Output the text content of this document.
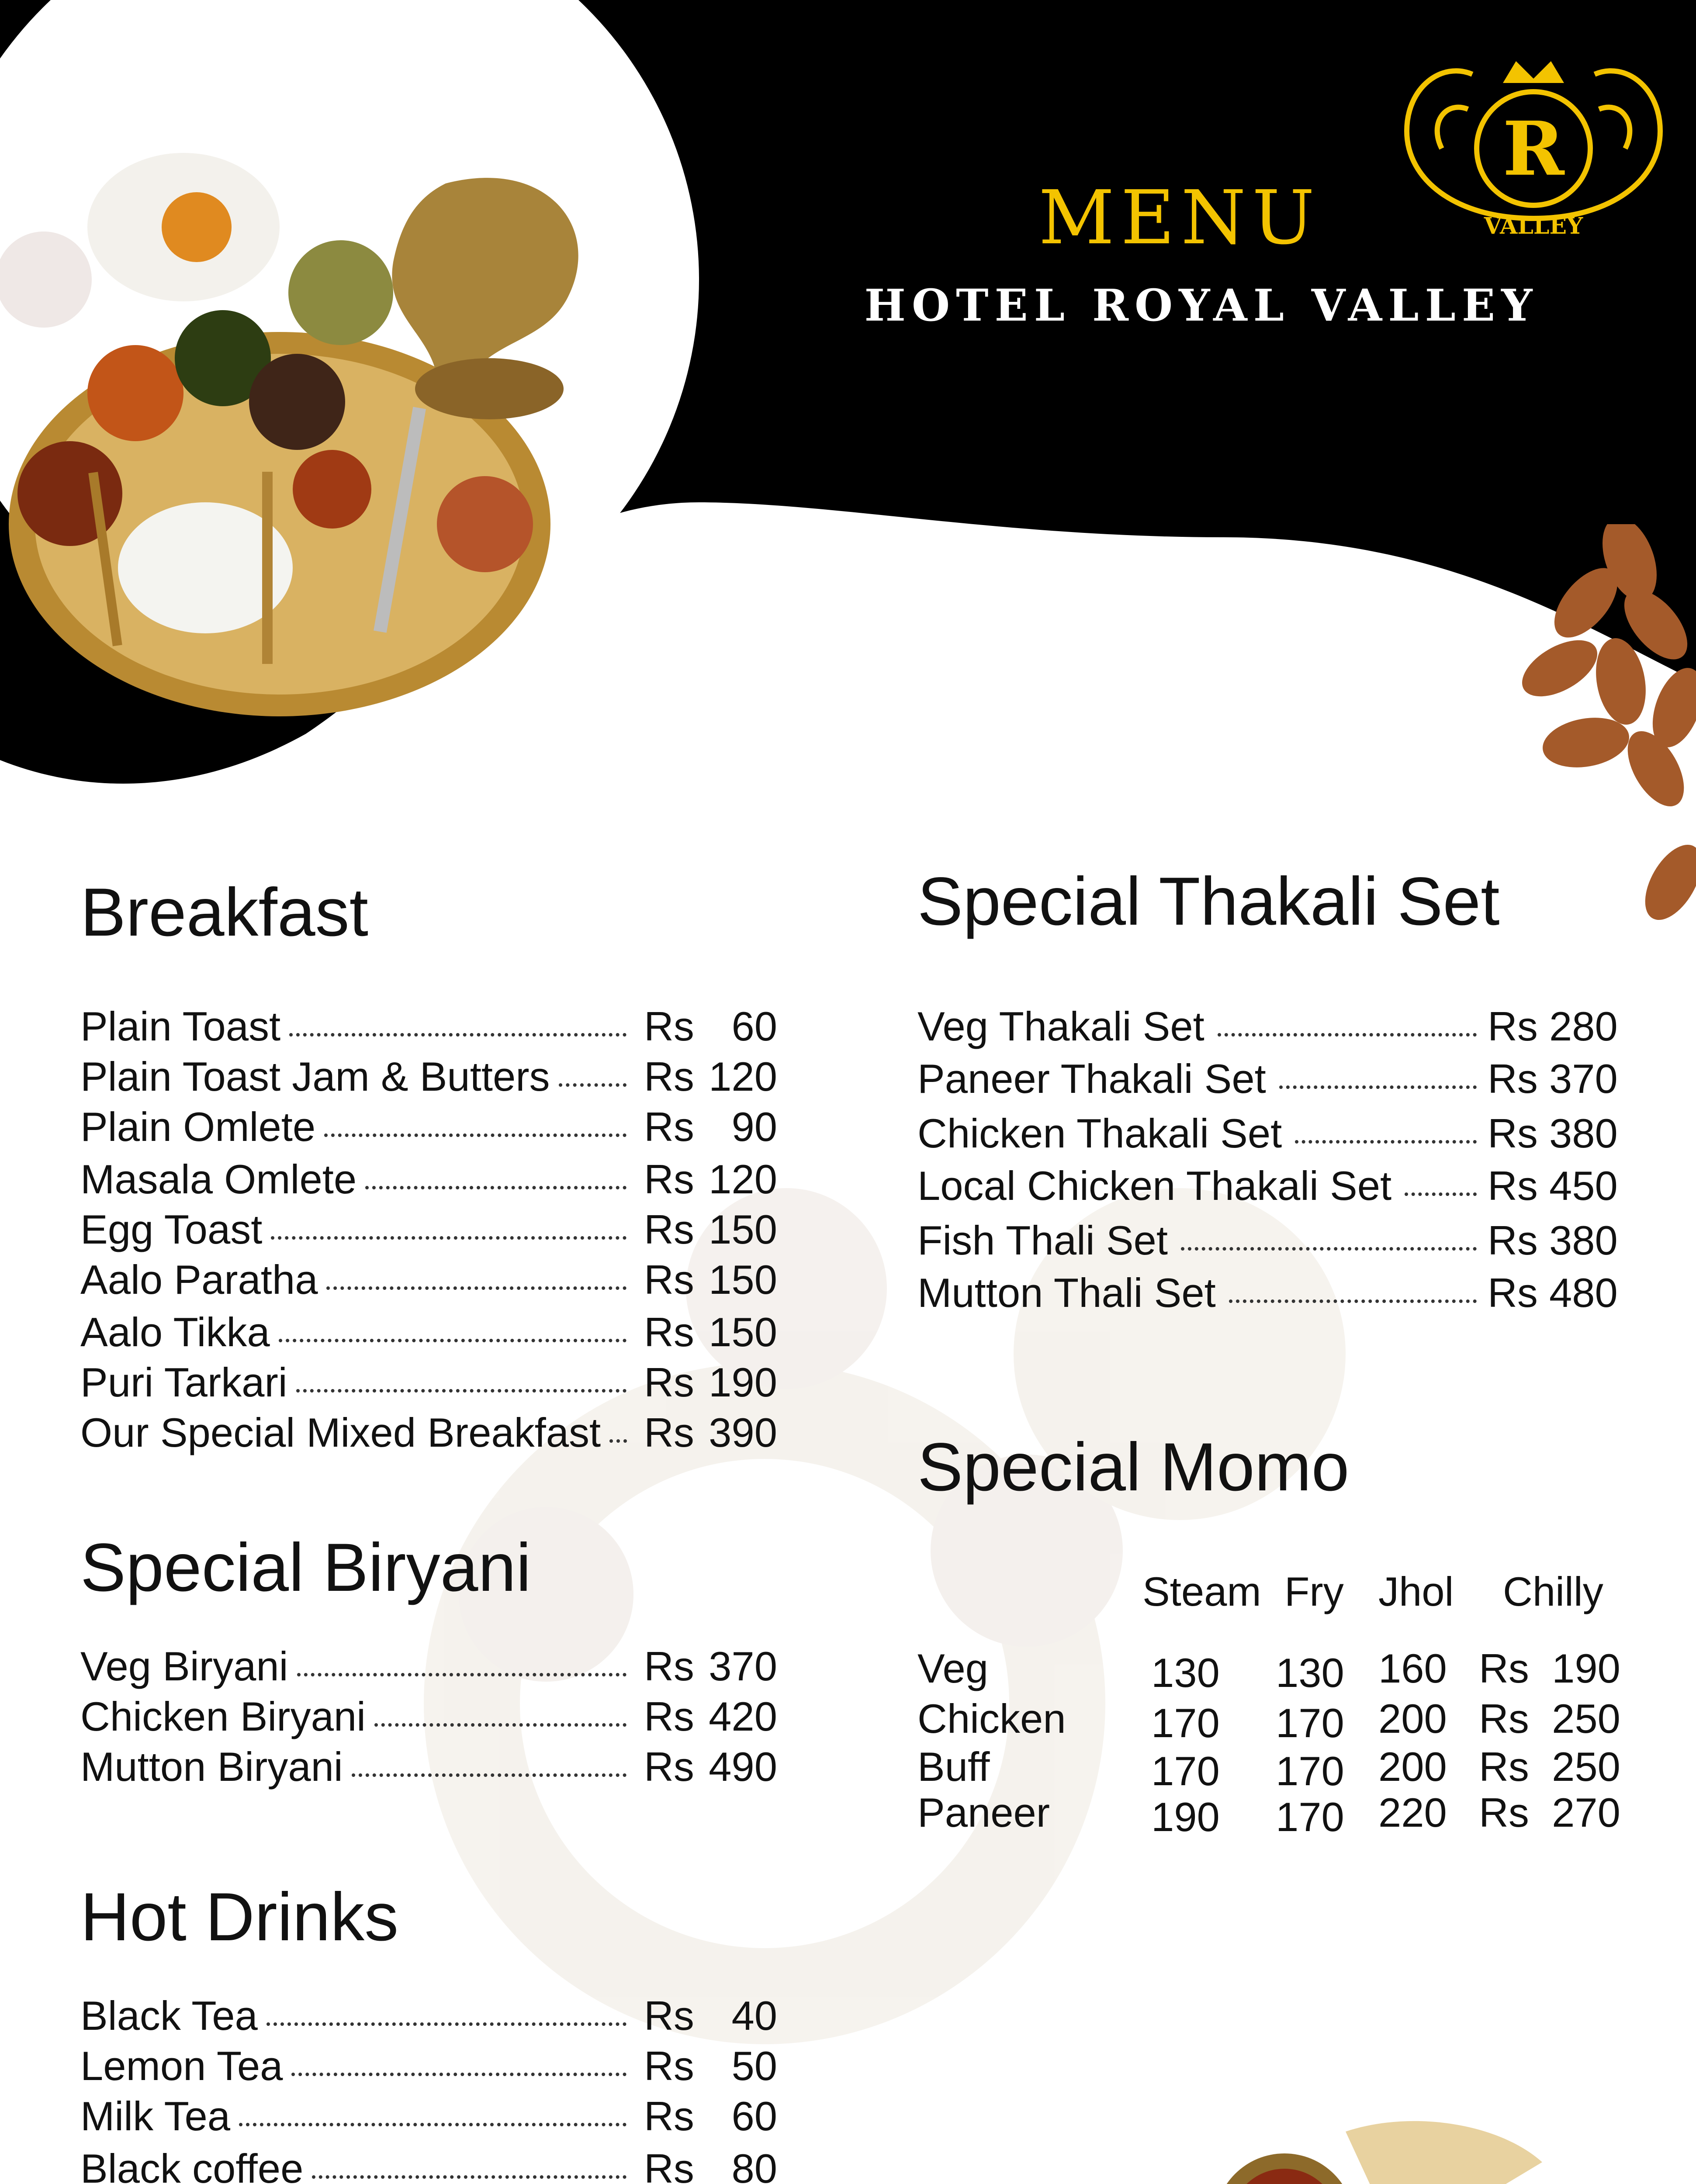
R
VALLEY
MENU
HOTEL ROYAL VALLEY
Breakfast
Plain Toast	Rs 60
Plain Toast Jam & Butters Rs 120
Plain Omlete	Rs 90
Masala Omlete	Rs 120
Egg Toast	Rs 150
Aalo Paratha	Rs 150
Aalo Tikka	Rs 150
Puri Tarkari	Rs 190
Our Special Mixed Breakfast Rs 390
Special Biryani
Veg Biryani	Rs 370
Chicken Biryani	Rs 420
Mutton Biryani	Rs 490
Hot Drinks
Black Tea	Rs 40
Lemon Tea	Rs 50
Milk Tea	Rs 60
Black coffee	Rs 80
Special Thakali Set
Veg Thakali Set	Rs 280
Paneer Thakali Set	Rs 370
Chicken Thakali Set	Rs 380
Local Chicken Thakali Set Rs 450
Fish Thali Set	Rs 380
Mutton Thali Set	Rs 480
Special Momo
Steam Fry Jhol Chilly
Veg	130 130 160 Rs  190
Chicken 170 170 200 Rs  250
Buff	170 170 200 Rs  250
Paneer 190 170 220 Rs  270
